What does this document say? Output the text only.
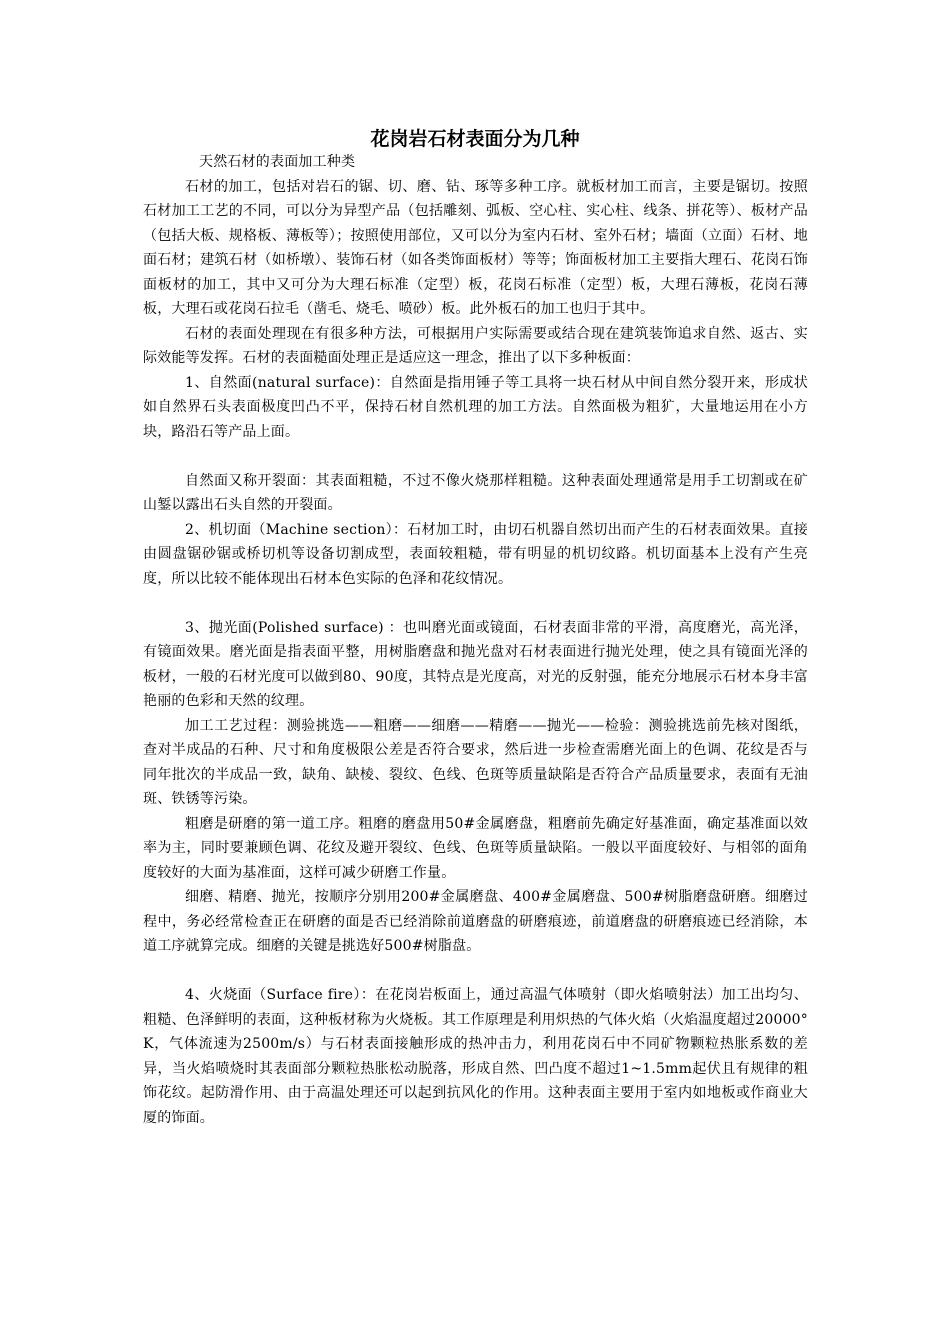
花岗岩石材表面分为几种

天然石材的表面加工种类

石材的加工，包括对岩石的锯、切、磨、钻、琢等多种工序。就板材加工而言，主要是锯切。按照石材加工工艺的不同，可以分为异型产品（包括雕刻、弧板、空心柱、实心柱、线条、拼花等）、板材产品（包括大板、规格板、薄板等）；按照使用部位，又可以分为室内石材、室外石材；墙面（立面）石材、地面石材；建筑石材（如桥墩）、装饰石材（如各类饰面板材）等等；饰面板材加工主要指大理石、花岗石饰面板材的加工，其中又可分为大理石标准（定型）板，花岗石标准（定型）板，大理石薄板，花岗石薄板，大理石或花岗石拉毛（凿毛、烧毛、喷砂）板。此外板石的加工也归于其中。

石材的表面处理现在有很多种方法，可根据用户实际需要或结合现在建筑装饰追求自然、返古、实际效能等发挥。石材的表面糙面处理正是适应这一理念，推出了以下多种板面：

1、自然面(natural surface)：自然面是指用锤子等工具将一块石材从中间自然分裂开来，形成状如自然界石头表面极度凹凸不平，保持石材自然机理的加工方法。自然面极为粗犷，大量地运用在小方块，路沿石等产品上面。

自然面又称开裂面：其表面粗糙，不过不像火烧那样粗糙。这种表面处理通常是用手工切割或在矿山錾以露出石头自然的开裂面。

2、机切面（Machine section）：石材加工时，由切石机器自然切出而产生的石材表面效果。直接由圆盘锯砂锯或桥切机等设备切割成型，表面较粗糙，带有明显的机切纹路。机切面基本上没有产生亮度，所以比较不能体现出石材本色实际的色泽和花纹情况。

3、抛光面(Polished surface) ：也叫磨光面或镜面，石材表面非常的平滑，高度磨光，高光泽，有镜面效果。磨光面是指表面平整，用树脂磨盘和抛光盘对石材表面进行抛光处理，使之具有镜面光泽的板材，一般的石材光度可以做到80、90度，其特点是光度高，对光的反射强，能充分地展示石材本身丰富艳丽的色彩和天然的纹理。

加工工艺过程：测验挑选——粗磨——细磨——精磨——抛光——检验：测验挑选前先核对图纸，查对半成品的石种、尺寸和角度极限公差是否符合要求，然后进一步检查需磨光面上的色调、花纹是否与同年批次的半成品一致，缺角、缺棱、裂纹、色线、色斑等质量缺陷是否符合产品质量要求，表面有无油斑、铁锈等污染。

粗磨是研磨的第一道工序。粗磨的磨盘用50#金属磨盘，粗磨前先确定好基准面，确定基准面以效率为主，同时要兼顾色调、花纹及避开裂纹、色线、色斑等质量缺陷。一般以平面度较好、与相邻的面角度较好的大面为基准面，这样可减少研磨工作量。

细磨、精磨、抛光，按顺序分别用200#金属磨盘、400#金属磨盘、500#树脂磨盘研磨。细磨过程中，务必经常检查正在研磨的面是否已经消除前道磨盘的研磨痕迹，前道磨盘的研磨痕迹已经消除，本道工序就算完成。细磨的关键是挑选好500#树脂盘。

4、火烧面（Surface fire）：在花岗岩板面上，通过高温气体喷射（即火焰喷射法）加工出均匀、粗糙、色泽鲜明的表面，这种板材称为火烧板。其工作原理是利用炽热的气体火焰（火焰温度超过20000° K，气体流速为2500m/s）与石材表面接触形成的热冲击力，利用花岗石中不同矿物颗粒热胀系数的差异，当火焰喷烧时其表面部分颗粒热胀松动脱落，形成自然、凹凸度不超过1~1.5mm起伏且有规律的粗饰花纹。起防滑作用、由于高温处理还可以起到抗风化的作用。这种表面主要用于室内如地板或作商业大厦的饰面。
